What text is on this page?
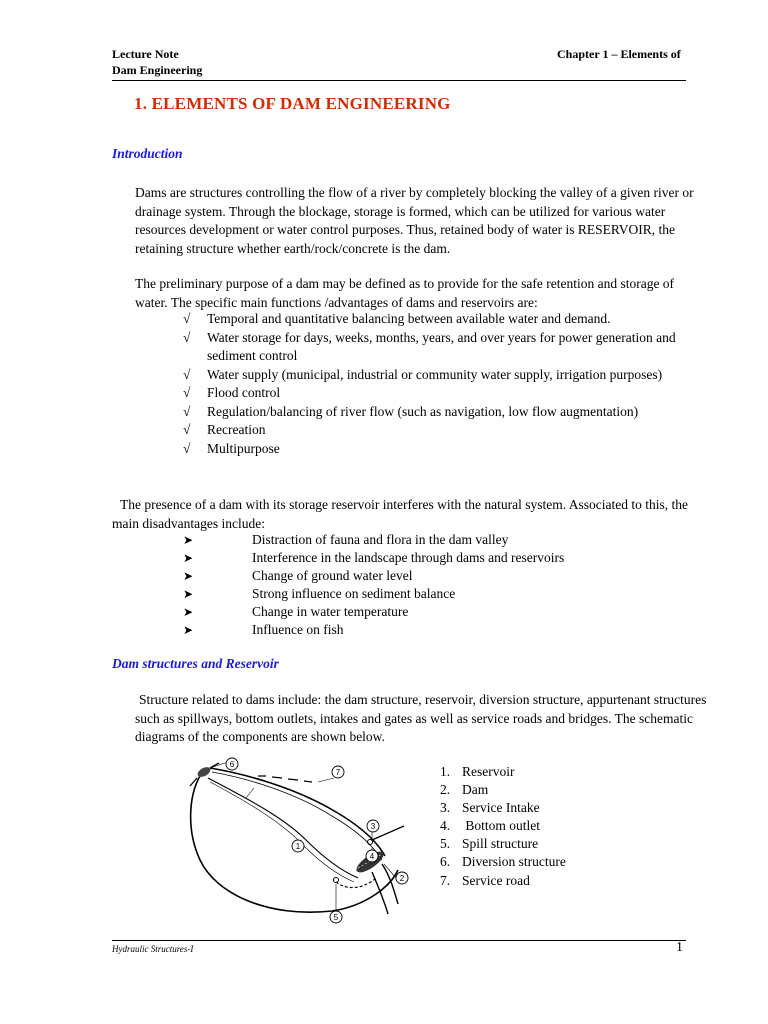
Lecture Note
Dam Engineering
Chapter 1 – Elements of
1. ELEMENTS OF DAM ENGINEERING
Introduction

Dams are structures controlling the flow of a river by completely blocking the valley of a given river or drainage system. Through the blockage, storage is formed, which can be utilized for various water resources development or water control purposes. Thus, retained body of water is RESERVOIR, the retaining structure whether earth/rock/concrete is the dam.

The preliminary purpose of a dam may be defined as to provide for the safe retention and storage of water. The specific main functions /advantages of dams and reservoirs are:

√	Temporal and quantitative balancing between available water and demand.
√	Water storage for days, weeks, months, years, and over years for power generation and sediment control
√	Water supply (municipal, industrial or community water supply, irrigation purposes)
√	Flood control
√	Regulation/balancing of river flow (such as navigation, low flow augmentation)
√	Recreation
√	Multipurpose

The presence of a dam with its storage reservoir interferes with the natural system. Associated to this, the main disadvantages include:

➤	Distraction of fauna and flora in the dam valley
➤	Interference in the landscape through dams and reservoirs
➤	Change of ground water level
➤	Strong influence on sediment balance
➤	Change in water temperature
➤	Influence on fish
Dam structures and Reservoir

Structure related to dams include: the dam structure, reservoir, diversion structure, appurtenant structures such as spillways, bottom outlets, intakes and gates as well as service roads and bridges. The schematic diagrams of the components are shown below.

1
2
3
4
5
6
7	1. Reservoir
2. Dam
3. Service Intake
4. Bottom outlet
5. Spill structure
6. Diversion structure
7. Service road
Hydraulic Structures-I	1
